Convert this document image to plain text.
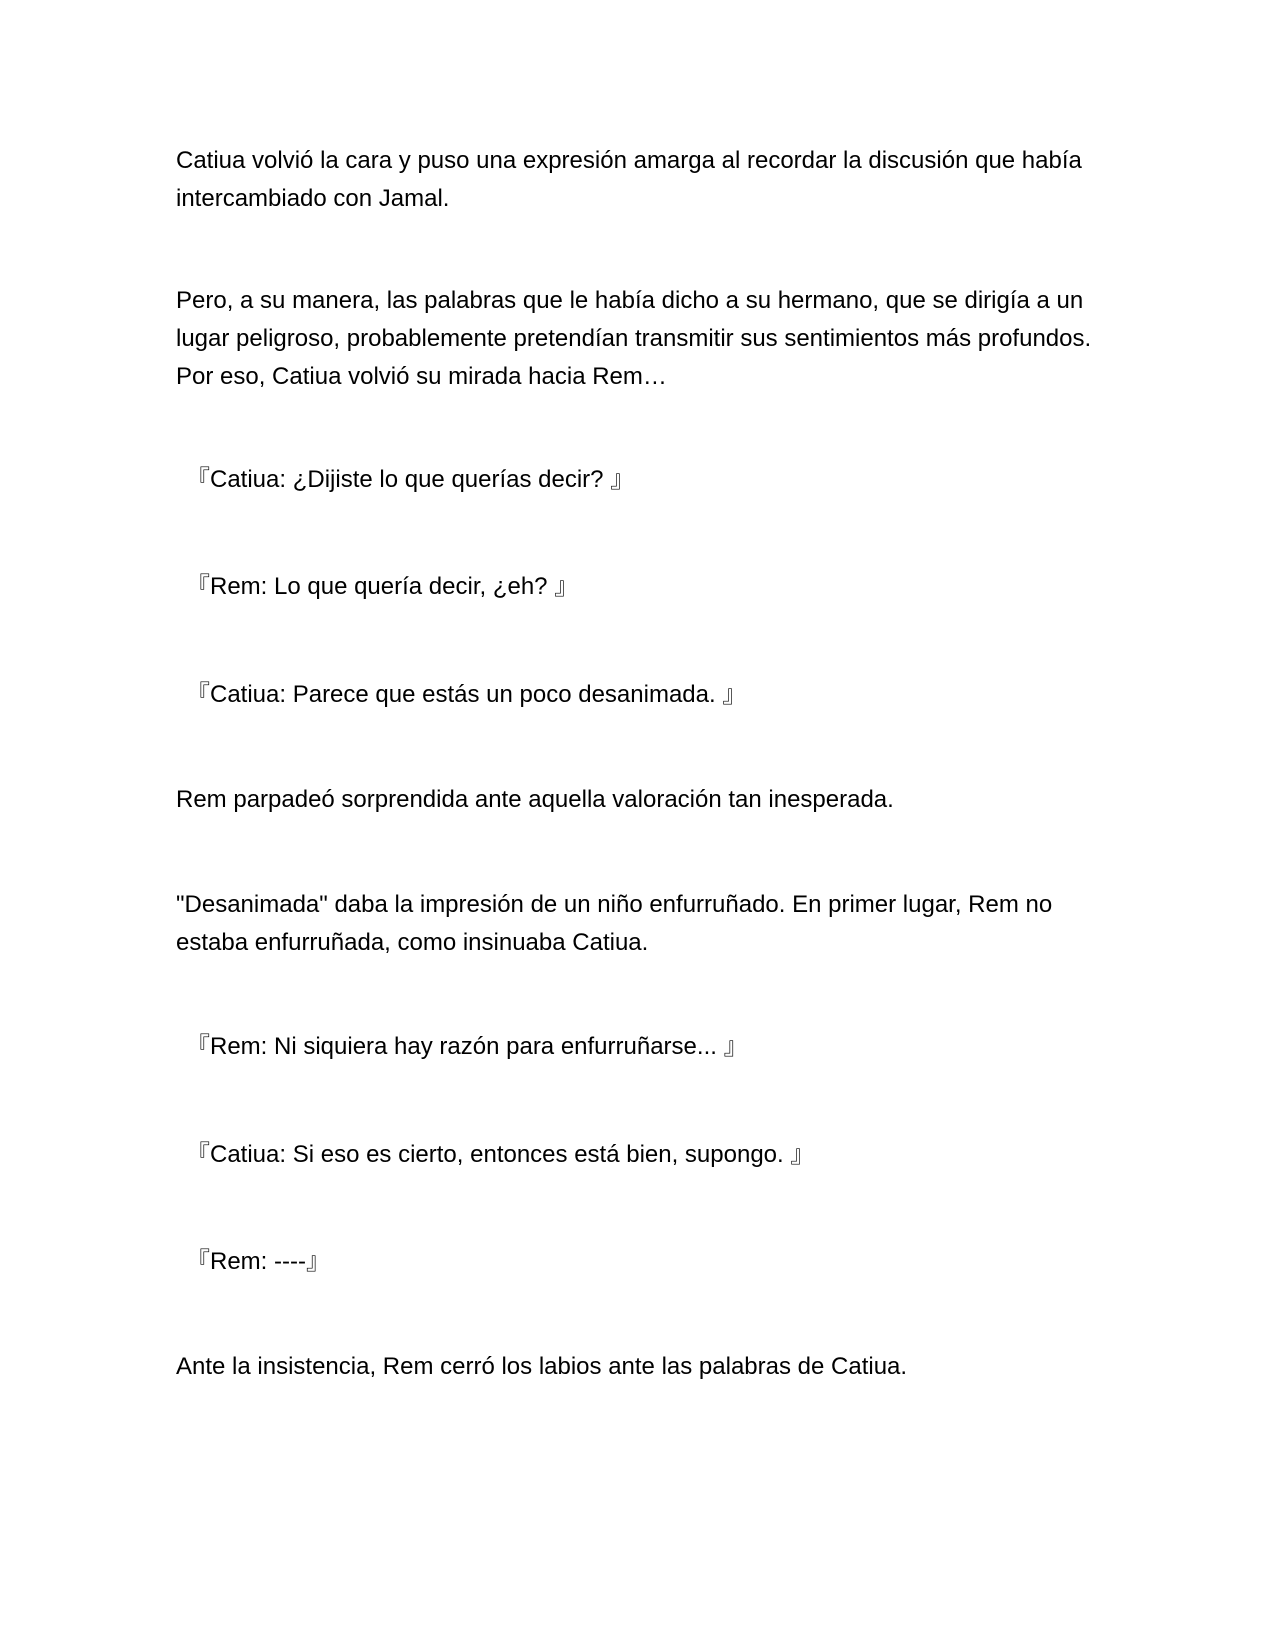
Catiua volvió la cara y puso una expresión amarga al recordar la discusión que había intercambiado con Jamal.

Pero, a su manera, las palabras que le había dicho a su hermano, que se dirigía a un lugar peligroso, probablemente pretendían transmitir sus sentimientos más profundos. Por eso, Catiua volvió su mirada hacia Rem…

『Catiua: ¿Dijiste lo que querías decir? 』

『Rem: Lo que quería decir, ¿eh? 』

『Catiua: Parece que estás un poco desanimada. 』

Rem parpadeó sorprendida ante aquella valoración tan inesperada.

"Desanimada" daba la impresión de un niño enfurruñado. En primer lugar, Rem no estaba enfurruñada, como insinuaba Catiua.

『Rem: Ni siquiera hay razón para enfurruñarse... 』

『Catiua: Si eso es cierto, entonces está bien, supongo. 』

『Rem: ----』

Ante la insistencia, Rem cerró los labios ante las palabras de Catiua.
